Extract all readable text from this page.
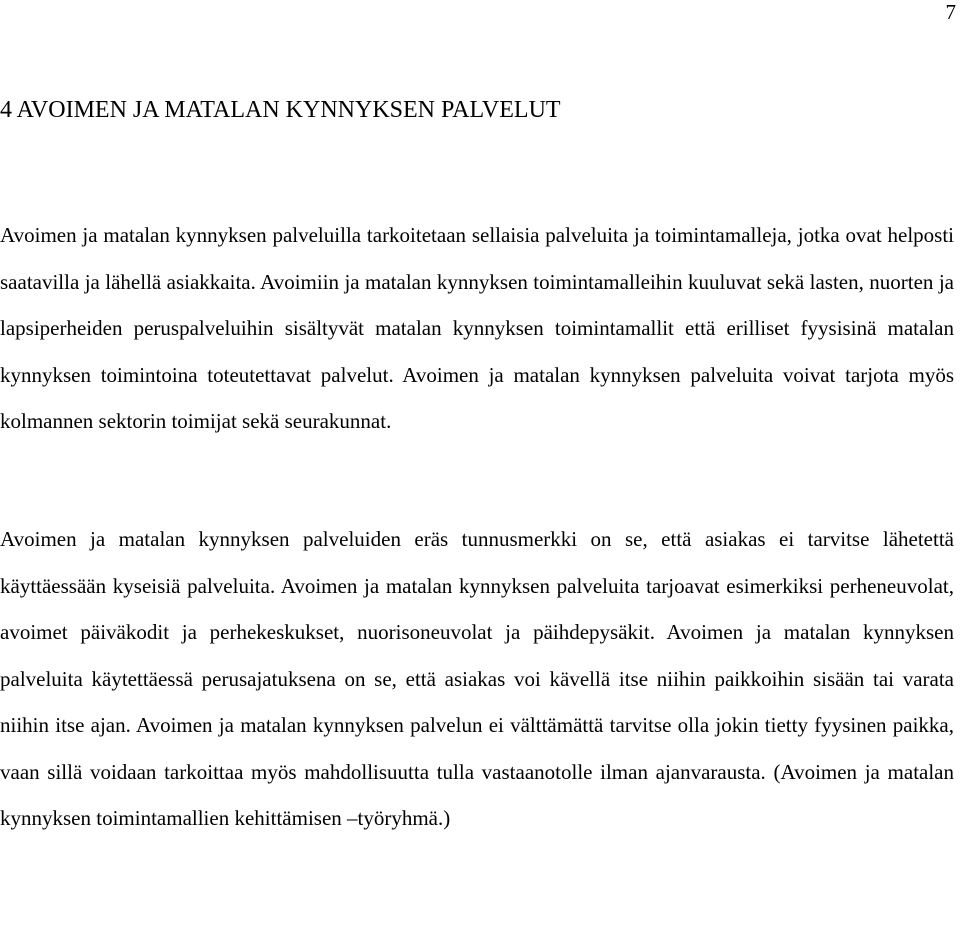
7
4 AVOIMEN JA MATALAN KYNNYKSEN PALVELUT

Avoimen ja matalan kynnyksen palveluilla tarkoitetaan sellaisia palveluita ja toimintamalleja, jotka ovat helposti saatavilla ja lähellä asiakkaita. Avoimiin ja matalan kynnyksen toimintamalleihin kuuluvat sekä lasten, nuorten ja lapsiperheiden peruspalveluihin sisältyvät matalan kynnyksen toimintamallit että erilliset fyysisinä matalan kynnyksen toimintoina toteutettavat palvelut. Avoimen ja matalan kynnyksen palveluita voivat tarjota myös kolmannen sektorin toimijat sekä seurakunnat.

Avoimen ja matalan kynnyksen palveluiden eräs tunnusmerkki on se, että asiakas ei tarvitse lähetettä käyttäessään kyseisiä palveluita. Avoimen ja matalan kynnyksen palveluita tarjoavat esimerkiksi perheneuvolat, avoimet päiväkodit ja perhekeskukset, nuorisoneuvolat ja päihdepysäkit. Avoimen ja matalan kynnyksen palveluita käytettäessä perusajatuksena on se, että asiakas voi kävellä itse niihin paikkoihin sisään tai varata niihin itse ajan. Avoimen ja matalan kynnyksen palvelun ei välttämättä tarvitse olla jokin tietty fyysinen paikka, vaan sillä voidaan tarkoittaa myös mahdollisuutta tulla vastaanotolle ilman ajanvarausta. (Avoimen ja matalan kynnyksen toimintamallien kehittämisen –työryhmä.)
